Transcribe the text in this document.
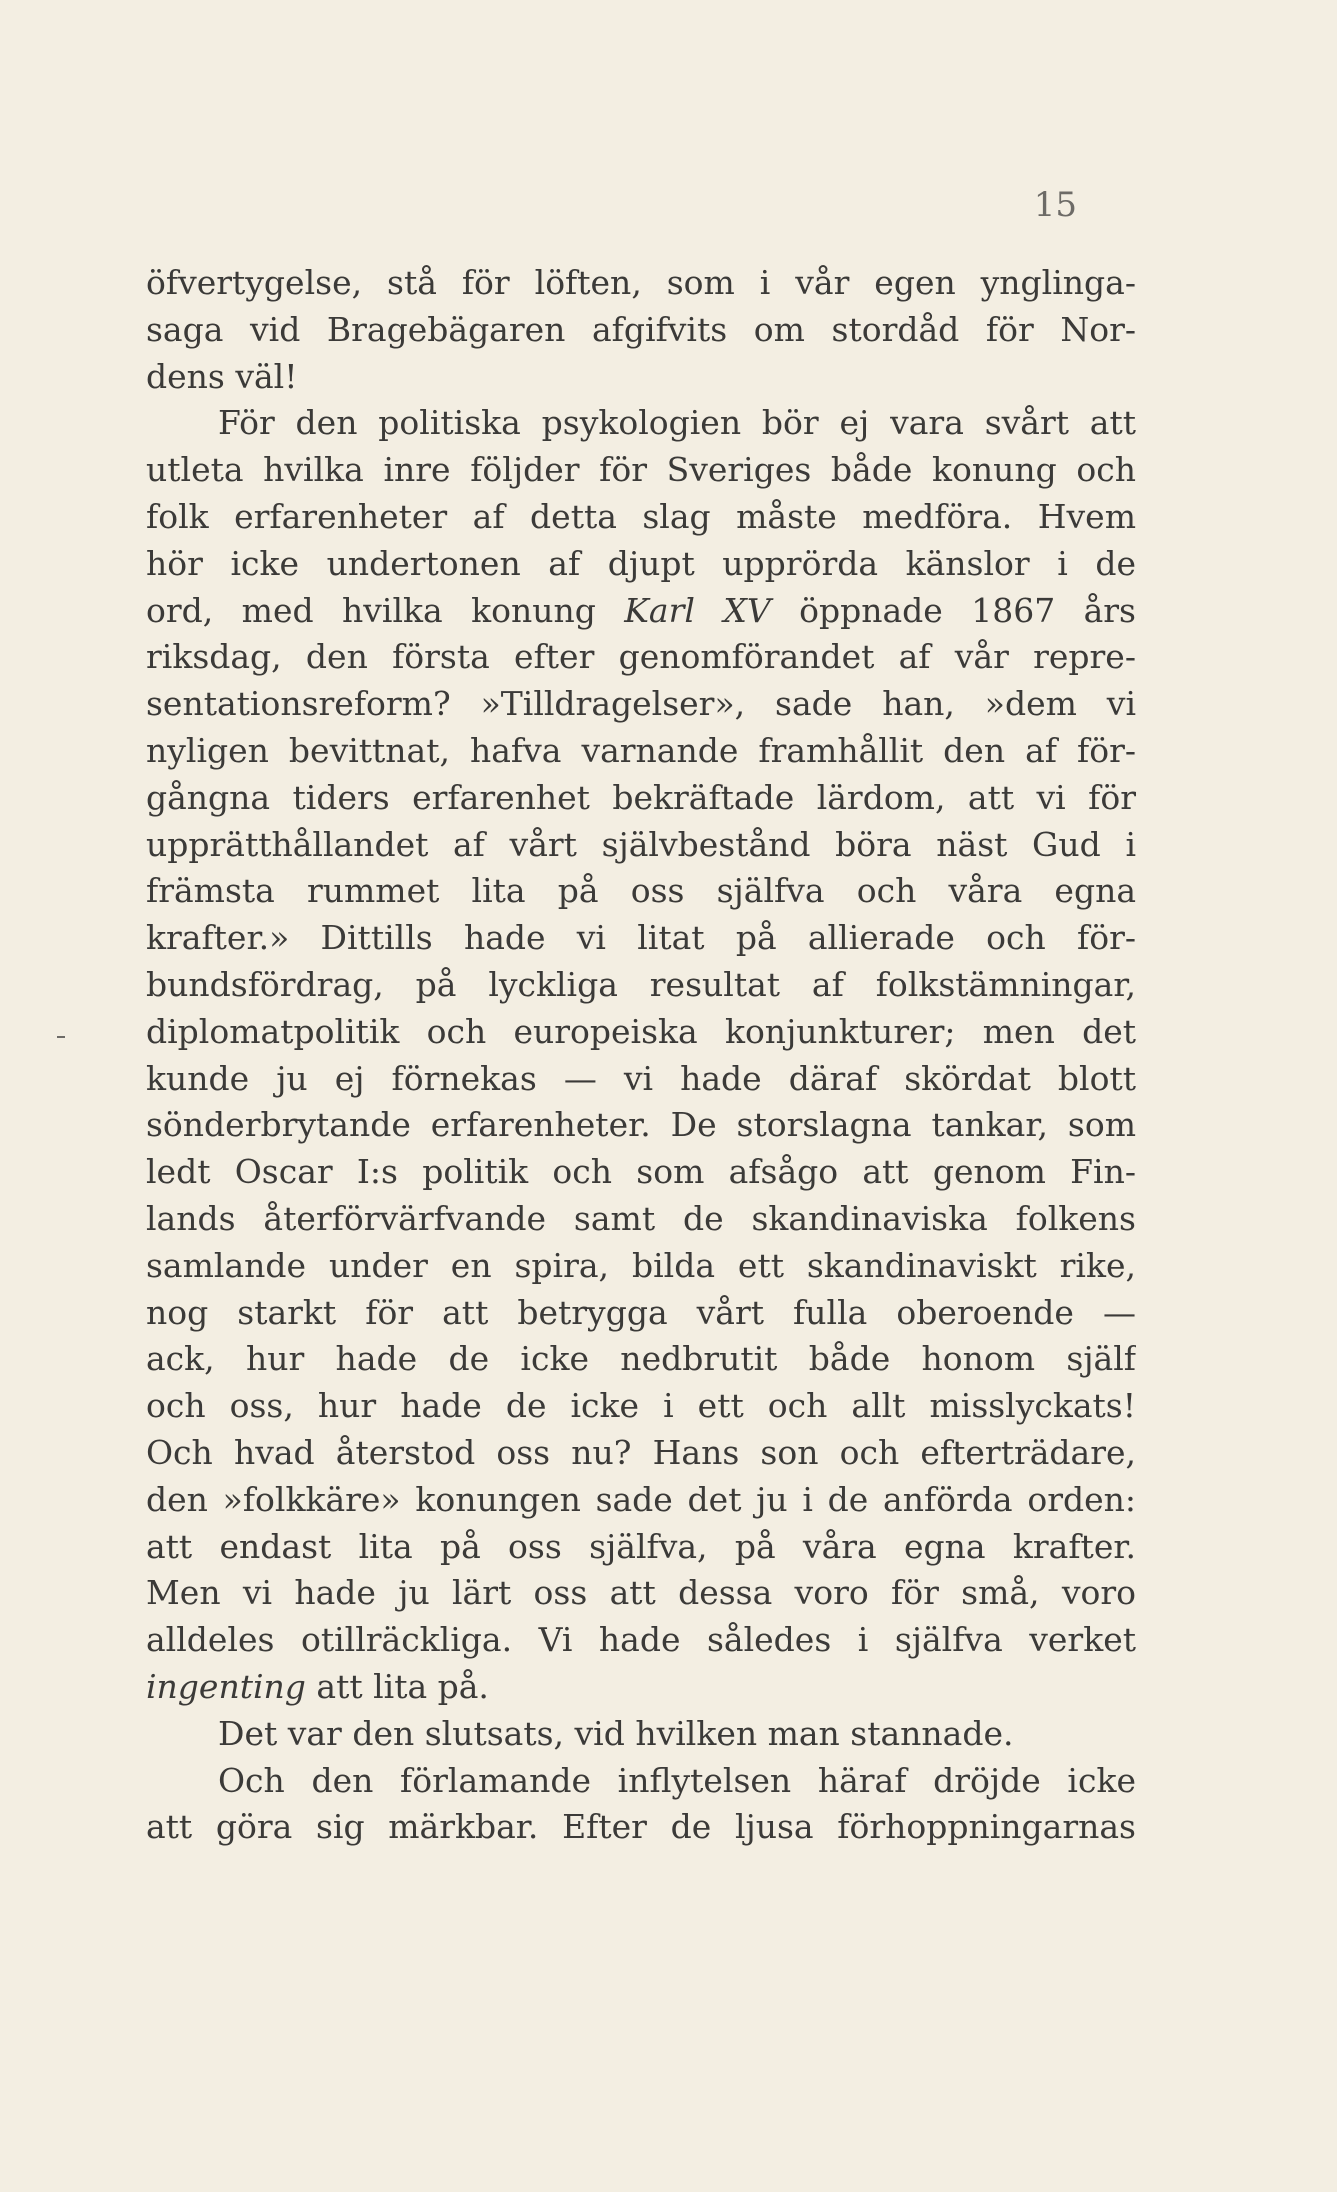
15
öfvertygelse, stå för löften, som i vår egen ynglinga-
saga vid Bragebägaren afgifvits om stordåd för Nor-
dens väl!
För den politiska psykologien bör ej vara svårt att
utleta hvilka inre följder för Sveriges både konung och
folk erfarenheter af detta slag måste medföra. Hvem
hör icke undertonen af djupt upprörda känslor i de
ord, med hvilka konung Karl XV öppnade 1867 års
riksdag, den första efter genomförandet af vår repre-
sentationsreform? »Tilldragelser», sade han, »dem vi
nyligen bevittnat, hafva varnande framhållit den af för-
gångna tiders erfarenhet bekräftade lärdom, att vi för
upprätthållandet af vårt självbestånd böra näst Gud i
främsta rummet lita på oss själfva och våra egna
krafter.» Dittills hade vi litat på allierade och för-
bundsfördrag, på lyckliga resultat af folkstämningar,
diplomatpolitik och europeiska konjunkturer; men det
kunde ju ej förnekas — vi hade däraf skördat blott
sönderbrytande erfarenheter. De storslagna tankar, som
ledt Oscar I:s politik och som afsågo att genom Fin-
lands återförvärfvande samt de skandinaviska folkens
samlande under en spira, bilda ett skandinaviskt rike,
nog starkt för att betrygga vårt fulla oberoende —
ack, hur hade de icke nedbrutit både honom själf
och oss, hur hade de icke i ett och allt misslyckats!
Och hvad återstod oss nu? Hans son och efterträdare,
den »folkkäre» konungen sade det ju i de anförda orden:
att endast lita på oss själfva, på våra egna krafter.
Men vi hade ju lärt oss att dessa voro för små, voro
alldeles otillräckliga. Vi hade således i själfva verket
ingenting att lita på.
Det var den slutsats, vid hvilken man stannade.
Och den förlamande inflytelsen häraf dröjde icke
att göra sig märkbar. Efter de ljusa förhoppningarnas
